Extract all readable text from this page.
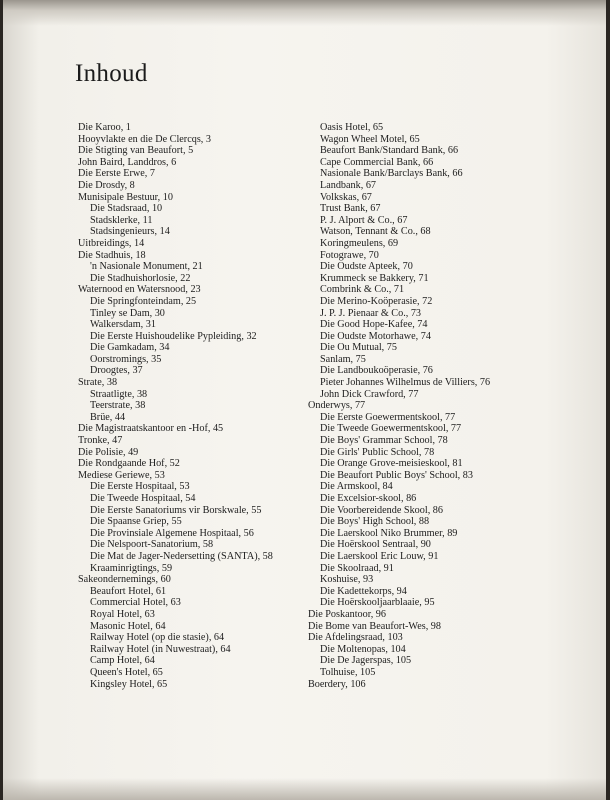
Inhoud
Die Karoo, 1
Hooyvlakte en die De Clercqs, 3
Die Stigting van Beaufort, 5
John Baird, Landdros, 6
Die Eerste Erwe, 7
Die Drosdy, 8
Munisipale Bestuur, 10
Die Stadsraad, 10
Stadsklerke, 11
Stadsingenieurs, 14
Uitbreidings, 14
Die Stadhuis, 18
'n Nasionale Monument, 21
Die Stadhuishorlosie, 22
Waternood en Watersnood, 23
Die Springfonteindam, 25
Tinley se Dam, 30
Walkersdam, 31
Die Eerste Huishoudelike Pypleiding, 32
Die Gamkadam, 34
Oorstromings, 35
Droogtes, 37
Strate, 38
Straatligte, 38
Teerstrate, 38
Brüe, 44
Die Magistraatskantoor en -Hof, 45
Tronke, 47
Die Polisie, 49
Die Rondgaande Hof, 52
Mediese Geriewe, 53
Die Eerste Hospitaal, 53
Die Tweede Hospitaal, 54
Die Eerste Sanatoriums vir Borskwale, 55
Die Spaanse Griep, 55
Die Provinsiale Algemene Hospitaal, 56
Die Nelspoort-Sanatorium, 58
Die Mat de Jager-Nedersetting (SANTA), 58
Kraaminrigtings, 59
Sakeondernemings, 60
Beaufort Hotel, 61
Commercial Hotel, 63
Royal Hotel, 63
Masonic Hotel, 64
Railway Hotel (op die stasie), 64
Railway Hotel (in Nuwestraat), 64
Camp Hotel, 64
Queen's Hotel, 65
Kingsley Hotel, 65
Oasis Hotel, 65
Wagon Wheel Motel, 65
Beaufort Bank/Standard Bank, 66
Cape Commercial Bank, 66
Nasionale Bank/Barclays Bank, 66
Landbank, 67
Volkskas, 67
Trust Bank, 67
P. J. Alport & Co., 67
Watson, Tennant & Co., 68
Koringmeulens, 69
Fotograwe, 70
Die Oudste Apteek, 70
Krummeck se Bakkery, 71
Combrink & Co., 71
Die Merino-Koöperasie, 72
J. P. J. Pienaar & Co., 73
Die Good Hope-Kafee, 74
Die Oudste Motorhawe, 74
Die Ou Mutual, 75
Sanlam, 75
Die Landboukoöperasie, 76
Pieter Johannes Wilhelmus de Villiers, 76
John Dick Crawford, 77
Onderwys, 77
Die Eerste Goewermentskool, 77
Die Tweede Goewermentskool, 77
Die Boys' Grammar School, 78
Die Girls' Public School, 78
Die Orange Grove-meisieskool, 81
Die Beaufort Public Boys' School, 83
Die Armskool, 84
Die Excelsior-skool, 86
Die Voorbereidende Skool, 86
Die Boys' High School, 88
Die Laerskool Niko Brummer, 89
Die Hoërskool Sentraal, 90
Die Laerskool Eric Louw, 91
Die Skoolraad, 91
Koshuise, 93
Die Kadettekorps, 94
Die Hoërskooljaarblaaie, 95
Die Poskantoor, 96
Die Bome van Beaufort-Wes, 98
Die Afdelingsraad, 103
Die Moltenopas, 104
Die De Jagerspas, 105
Tolhuise, 105
Boerdery, 106
